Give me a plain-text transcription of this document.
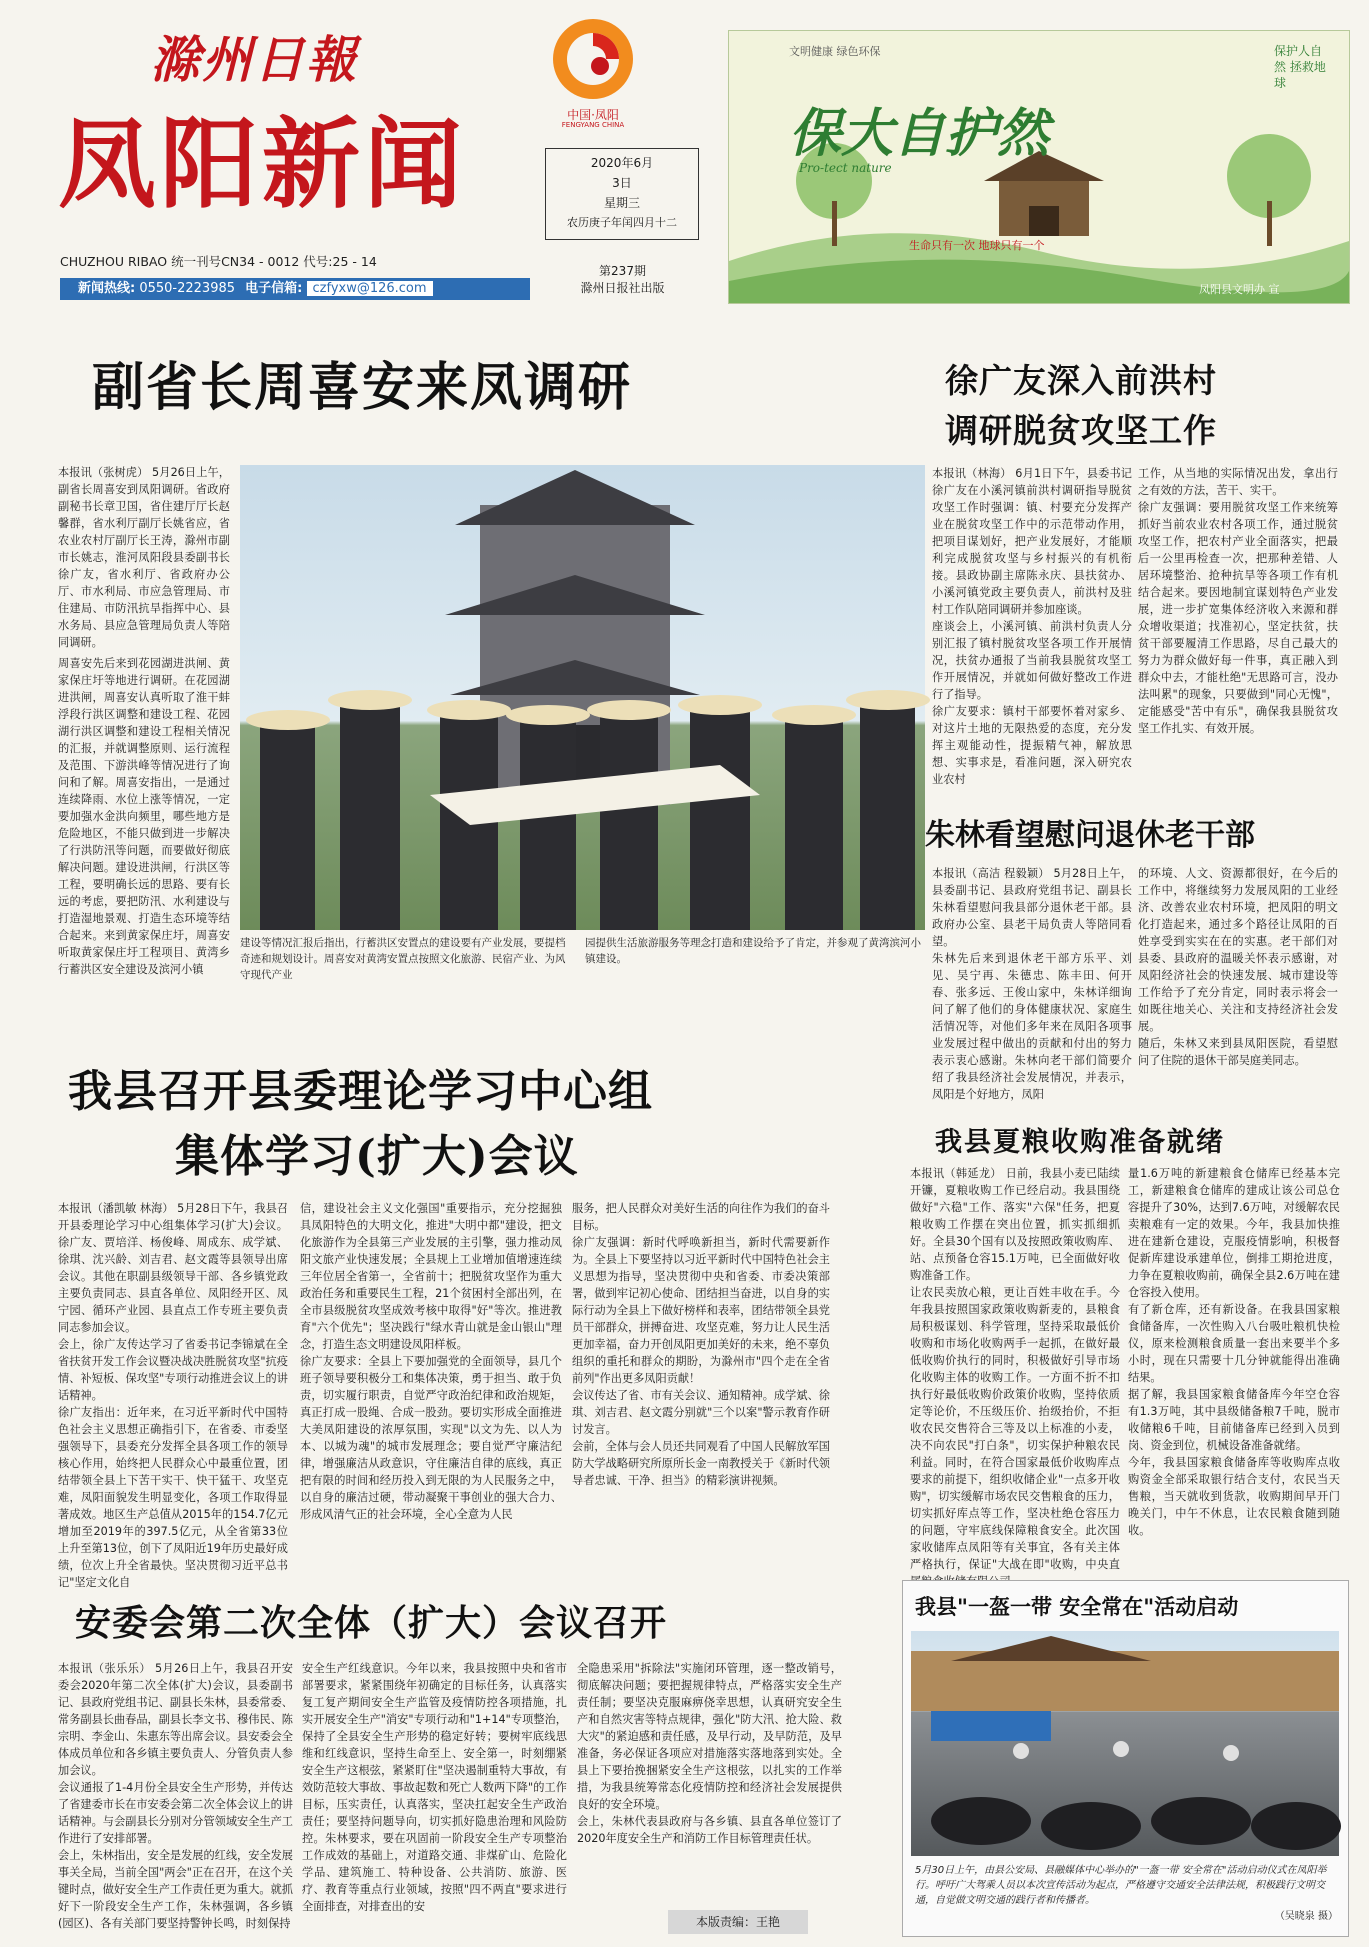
滁州日報
凤阳新闻	中国·凤阳
FENGYANG CHINA
2020年6月
3日
星期三
农历庚子年闰四月十二
第237期
滁州日报社出版
CHUZHOU RIBAO 统一刊号CN34 - 0012 代号:25 - 14
新闻热线: 0550-2223985 电子信箱: czfyxw@126.com
文明健康 绿色环保
保大自护然
Pro-tect nature
保护人自然 拯救地球
生命只有一次 地球只有一个
凤阳县文明办 宣
副省长周喜安来凤调研
本报讯（张树虎） 5月26日上午，副省长周喜安到凤阳调研。省政府副秘书长章卫国，省住建厅厅长赵馨群，省水利厅副厅长姚省应，省农业农村厅副厅长王涛，滁州市副市长姚志，淮河凤阳段县委副书长徐广友，省水利厅、省政府办公厅、市水利局、市应急管理局、市住建局、市防汛抗旱指挥中心、县水务局、县应急管理局负责人等陪同调研。
周喜安先后来到花园湖进洪闸、黄家保庄圩等地进行调研。在花园湖进洪闸，周喜安认真听取了淮干蚌浮段行洪区调整和建设工程、花园湖行洪区调整和建设工程相关情况的汇报，并就调整原则、运行流程及范围、下游洪峰等情况进行了询问和了解。周喜安指出，一是通过连续降雨、水位上涨等情况，一定要加强水金洪向频里，哪些地方是危险地区，不能只做到进一步解决了行洪防汛等问题，而要做好彻底解决问题。建设进洪闸，行洪区等工程，要明确长远的思路、要有长远的考虑，要把防汛、水利建设与打造湿地景观、打造生态环境等结合起来。来到黄家保庄圩，周喜安听取黄家保庄圩工程项目、黄湾乡行蓄洪区安全建设及滨河小镇
建设等情况汇报后指出，行蓄洪区安置点的建设要有产业发展，要提档奇迹和规划设计。周喜安对黄湾安置点按照文化旅游、民宿产业、为风守现代产业
园提供生活旅游服务等理念打造和建设给予了肯定，并参观了黄湾滨河小镇建设。
徐广友深入前洪村
调研脱贫攻坚工作
本报讯（林海） 6月1日下午，县委书记徐广友在小溪河镇前洪村调研指导脱贫攻坚工作时强调：镇、村要充分发挥产业在脱贫攻坚工作中的示范带动作用，把项目谋划好，把产业发展好，才能顺利完成脱贫攻坚与乡村振兴的有机衔接。县政协副主席陈永庆、县扶贫办、小溪河镇党政主要负责人，前洪村及驻村工作队陪同调研并参加座谈。
座谈会上，小溪河镇、前洪村负责人分别汇报了镇村脱贫攻坚各项工作开展情况，扶贫办通报了当前我县脱贫攻坚工作开展情况，并就如何做好整改工作进行了指导。
徐广友要求：镇村干部要怀着对家乡、对这片土地的无限热爱的态度，充分发挥主观能动性，提振精气神，解放思想、实事求是，看准问题，深入研究农业农村
工作，从当地的实际情况出发，拿出行之有效的方法，苦干、实干。
徐广友强调：要用脱贫攻坚工作来统筹抓好当前农业农村各项工作，通过脱贫攻坚工作，把农村产业全面落实，把最后一公里再检查一次，把那种差错、人居环境整治、抢种抗旱等各项工作有机结合起来。要因地制宜谋划特色产业发展，进一步扩宽集体经济收入来源和群众增收渠道；找准初心，坚定扶贫，扶贫干部要履清工作思路，尽自己最大的努力为群众做好每一件事，真正融入到群众中去，才能杜绝"无思路可言，没办法叫累"的现象，只要做到"同心无愧"，定能感受"苦中有乐"，确保我县脱贫攻坚工作扎实、有效开展。
朱林看望慰问退休老干部
本报讯（高洁 程毅颖） 5月28日上午，县委副书记、县政府党组书记、副县长朱林看望慰问我县部分退休老干部。县政府办公室、县老干局负责人等陪同看望。
朱林先后来到退休老干部方乐平、刘见、吴宁再、朱德忠、陈丰田、何开春、张多远、王俊山家中，朱林详细询问了解了他们的身体健康状况、家庭生活情况等，对他们多年来在凤阳各项事业发展过程中做出的贡献和付出的努力表示衷心感谢。朱林向老干部们简要介绍了我县经济社会发展情况，并表示，凤阳是个好地方，凤阳
的环境、人文、资源都很好，在今后的工作中，将继续努力发展凤阳的工业经济、改善农业农村环境，把凤阳的明文化打造起来，通过多个路径让凤阳的百姓享受到实实在在的实惠。老干部们对县委、县政府的温暖关怀表示感谢，对凤阳经济社会的快速发展、城市建设等工作给予了充分肯定，同时表示将会一如既往地关心、关注和支持经济社会发展。
随后，朱林又来到县凤阳医院，看望慰问了住院的退休干部吴庭美同志。
我县召开县委理论学习中心组
集体学习(扩大)会议
本报讯（潘凯敏 林海） 5月28日下午，我县召开县委理论学习中心组集体学习(扩大)会议。徐广友、贾培洋、杨俊峰、周成东、成学斌、徐琪、沈兴龄、刘吉君、赵文霞等县领导出席会议。其他在职副县级领导干部、各乡镇党政主要负责同志、县直各单位、凤阳经开区、凤宁园、循环产业园、县直点工作专班主要负责同志参加会议。
会上，徐广友传达学习了省委书记李锦斌在全省扶贫开发工作会议暨决战决胜脱贫攻坚"抗疫情、补短板、保攻坚"专项行动推进会议上的讲话精神。
徐广友指出：近年来，在习近平新时代中国特色社会主义思想正确指引下，在省委、市委坚强领导下，县委充分发挥全县各项工作的领导核心作用，始终把人民群众心中最重位置，团结带领全县上下苦干实干、快干猛干、攻坚克难，凤阳面貌发生明显变化，各项工作取得显著成效。地区生产总值从2015年的154.7亿元增加至2019年的397.5亿元，从全省第33位上升至第13位，创下了凤阳近19年历史最好成绩，位次上升全省最快。坚决贯彻习近平总书记"坚定文化自
信，建设社会主义文化强国"重要指示，充分挖掘独具凤阳特色的大明文化，推进"大明中都"建设，把文化旅游作为全县第三产业发展的主引擎，强力推动凤阳文旅产业快速发展；全县规上工业增加值增速连续三年位居全省第一，全省前十；把脱贫攻坚作为重大政治任务和重要民生工程，21个贫困村全部出列，在全市县级脱贫攻坚成效考核中取得"好"等次。推进教育"六个优先"；坚决践行"绿水青山就是金山银山"理念，打造生态文明建设凤阳样板。
徐广友要求：全县上下要加强党的全面领导，县几个班子领导要积极分工和集体决策，勇于担当、敢于负责，切实履行职责，自觉严守政治纪律和政治规矩，真正打成一股绳、合成一股劲。要切实形成全面推进大美凤阳建设的浓厚氛围，实现"以文为先、以人为本、以城为魂"的城市发展理念；要自觉严守廉洁纪律，增强廉洁从政意识，守住廉洁自律的底线，真正把有限的时间和经历投入到无限的为人民服务之中，以自身的廉洁过硬，带动凝聚干事创业的强大合力、形成风清气正的社会环境，全心全意为人民
服务，把人民群众对美好生活的向往作为我们的奋斗目标。
徐广友强调：新时代呼唤新担当，新时代需要新作为。全县上下要坚持以习近平新时代中国特色社会主义思想为指导，坚决贯彻中央和省委、市委决策部署，做到牢记初心使命、团结担当奋进，以自身的实际行动为全县上下做好榜样和表率，团结带领全县党员干部群众，拼搏奋进、攻坚克难，努力让人民生活更加幸福，奋力开创凤阳更加美好的未来，绝不辜负组织的重托和群众的期盼，为滁州市"四个走在全省前列"作出更多凤阳贡献！
会议传达了省、市有关会议、通知精神。成学斌、徐琪、刘吉君、赵文霞分别就"三个以案"警示教育作研讨发言。
会前，全体与会人员还共同观看了中国人民解放军国防大学战略研究所原所长金一南教授关于《新时代领导者忠诚、干净、担当》的精彩演讲视频。
我县夏粮收购准备就绪
本报讯（韩延龙） 日前，我县小麦已陆续开镰，夏粮收购工作已经启动。我县围绕做好"六稳"工作、落实"六保"任务，把夏粮收购工作摆在突出位置，抓实抓细抓好。全县30个国有以及按照政策收购库、站、点预备仓容15.1万吨，已全面做好收购准备工作。
让农民卖放心粮，更让百姓丰收在手。今年我县按照国家政策收购新麦的，县粮食局积极谋划、科学管理，坚持采取最低价收购和市场化收购两手一起抓，在做好最低收购价执行的同时，积极做好引导市场化收购主体的收购工作。一方面不折不扣执行好最低收购价政策价收购，坚持依质定等论价，不压级压价、抬级抬价，不拒收农民交售符合三等及以上标准的小麦，决不向农民"打白条"，切实保护种粮农民利益。同时，在符合国家最低价收购库点要求的前提下，组织收储企业"一点多开收购"，切实缓解市场农民交售粮食的压力，切实抓好库点等工作，坚决杜绝仓容压力的问题，守牢底线保障粮食安全。此次国家收储库点凤阳等有关事宜，各有关主体严格执行，保证"大战在即"收购，中央直
量1.6万吨的新建粮食仓储库已经基本完工，新建粮食仓储库的建成让该公司总仓容提升了30%，达到7.6万吨，对缓解农民卖粮难有一定的效果。今年，我县加快推进在建新仓建设，克服疫情影响，积极督促新库建设承建单位，倒排工期抢进度，力争在夏粮收购前，确保全县2.6万吨在建仓容投入使用。
有了新仓库，还有新设备。在我县国家粮食储备库，一次性购入八台吸吐粮机快检仪，原来检测粮食质量一套出来要半个多小时，现在只需要十几分钟就能得出准确结果。
据了解，我县国家粮食储备库今年空仓容有1.3万吨，其中县级储备粮7千吨，脱市收储粮6千吨，目前储备库已经到入员到岗、资金到位，机械设备准备就绪。
今年，我县国家粮食储备库等收购库点收购资金全部采取银行结合支付，农民当天售粮，当天就收到货款，收购期间早开门晚关门，中午不休息，让农民粮食随到随收。
安委会第二次全体（扩大）会议召开
本报讯（张乐乐） 5月26日上午，我县召开安委会2020年第二次全体(扩大)会议，县委副书记、县政府党组书记、副县长朱林，县委常委、常务副县长曲春品，副县长李文书、穆伟民、陈宗明、李金山、朱惠东等出席会议。县安委会全体成员单位和各乡镇主要负责人、分管负责人参加会议。
会议通报了1-4月份全县安全生产形势，并传达了省建委市长在市安委会第二次全体会议上的讲话精神。与会副县长分别对分管领域安全生产工作进行了安排部署。
会上，朱林指出，安全是发展的红线，安全发展事关全局，当前全国"两会"正在召开，在这个关键时点，做好安全生产工作责任更为重大。就抓好下一阶段安全生产工作，朱林强调，各乡镇(园区)、各有关部门要坚持警钟长鸣，时刻保持
安全生产红线意识。今年以来，我县按照中央和省市部署要求，紧紧围绕年初确定的目标任务，认真落实复工复产期间安全生产监管及疫情防控各项措施，扎实开展安全生产"消安"专项行动和"1+14"专项整治，保持了全县安全生产形势的稳定好转；要树牢底线思维和红线意识，坚持生命至上、安全第一，时刻绷紧安全生产这根弦，紧紧盯住"坚决遏制重特大事故，有效防范较大事故、事故起数和死亡人数两下降"的工作目标，压实责任，认真落实，坚决扛起安全生产政治责任；要坚持问题导向，切实抓好隐患治理和风险防控。朱林要求，要在巩固前一阶段安全生产专项整治工作成效的基础上，对道路交通、非煤矿山、危险化学品、建筑施工、特种设备、公共消防、旅游、医疗、教育等重点行业领域，按照"四不两直"要求进行全面排查，对排查出的安
全隐患采用"拆除法"实施闭环管理，逐一整改销号，彻底解决问题；要把握规律特点，严格落实安全生产责任制；要坚决克服麻痹侥幸思想，认真研究安全生产和自然灾害等特点规律，强化"防大汛、抢大险、救大灾"的紧迫感和责任感，及早行动，及早防范，及早准备，务必保证各项应对措施落实落地落到实处。全县上下要抬挽捆紧安全生产这根弦，以扎实的工作举措，为我县统筹常态化疫情防控和经济社会发展提供良好的安全环境。
会上，朱林代表县政府与各乡镇、县直各单位签订了2020年度安全生产和消防工作目标管理责任状。
本版责编：王艳
我县"一盔一带 安全常在"活动启动
5月30日上午，由县公安局、县融媒体中心举办的"一盔一带 安全常在"活动启动仪式在凤阳举行。呼吁广大驾乘人员以本次宣传活动为起点，严格遵守交通安全法律法规，积极践行文明交通，自觉做文明交通的践行者和传播者。
（吴晓泉 摄）
